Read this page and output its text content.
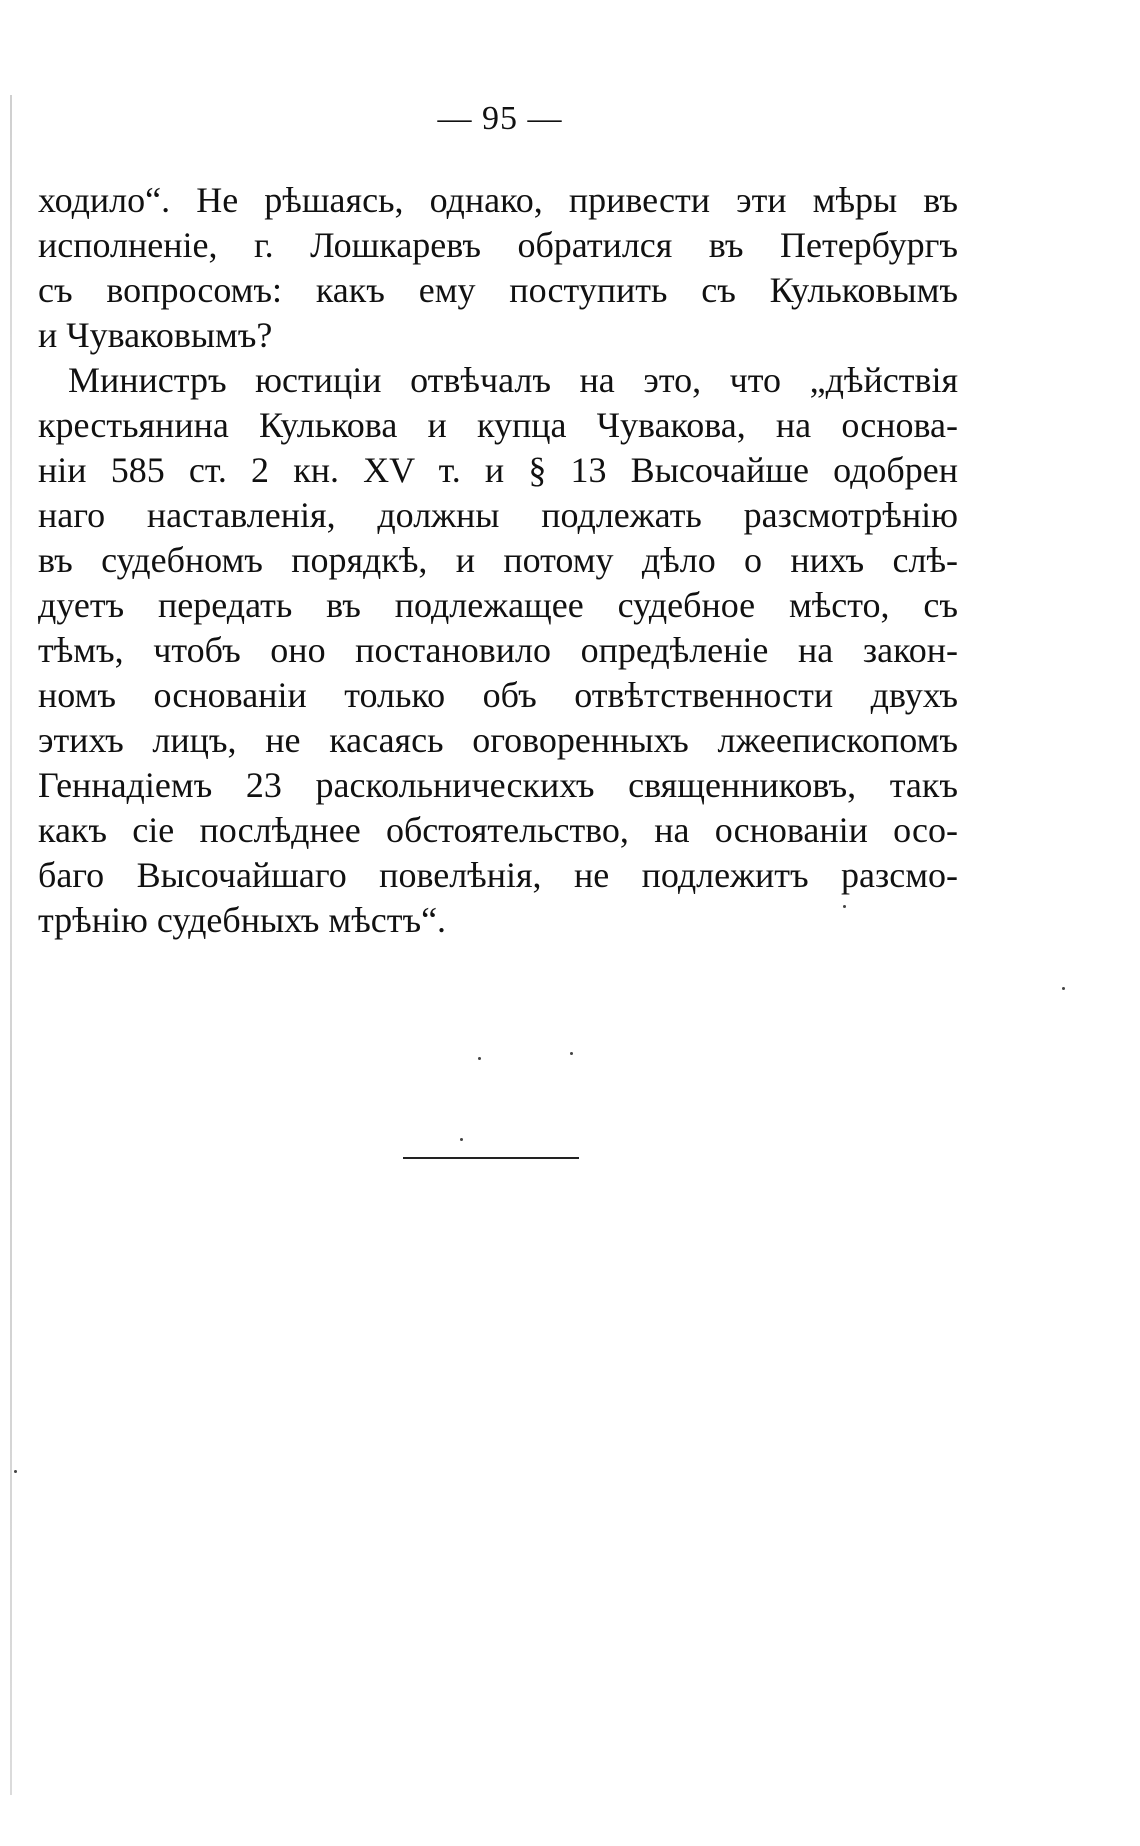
— 95 —
ходило“. Не рѣшаясь, однако, привести эти мѣры въ
исполненіе, г. Лошкаревъ обратился въ Петербургъ
съ вопросомъ: какъ ему поступить съ Кульковымъ
и Чуваковымъ?
Министръ юстиціи отвѣчалъ на это, что „дѣйствія
крестьянина Кулькова и купца Чувакова, на основа-
ніи 585 ст. 2 кн. XV т. и § 13 Высочайше одобрен
наго наставленія, должны подлежать разсмотрѣнію
въ судебномъ порядкѣ, и потому дѣло о нихъ слѣ-
дуетъ передать въ подлежащее судебное мѣсто, съ
тѣмъ, чтобъ оно постановило опредѣленіе на закон-
номъ основаніи только объ отвѣтственности двухъ
этихъ лицъ, не касаясь оговоренныхъ лжеепископомъ
Геннадіемъ 23 раскольническихъ священниковъ, такъ
какъ сіе послѣднее обстоятельство, на основаніи осо-
баго Высочайшаго повелѣнія, не подлежитъ разсмо-
трѣнію судебныхъ мѣстъ“.
